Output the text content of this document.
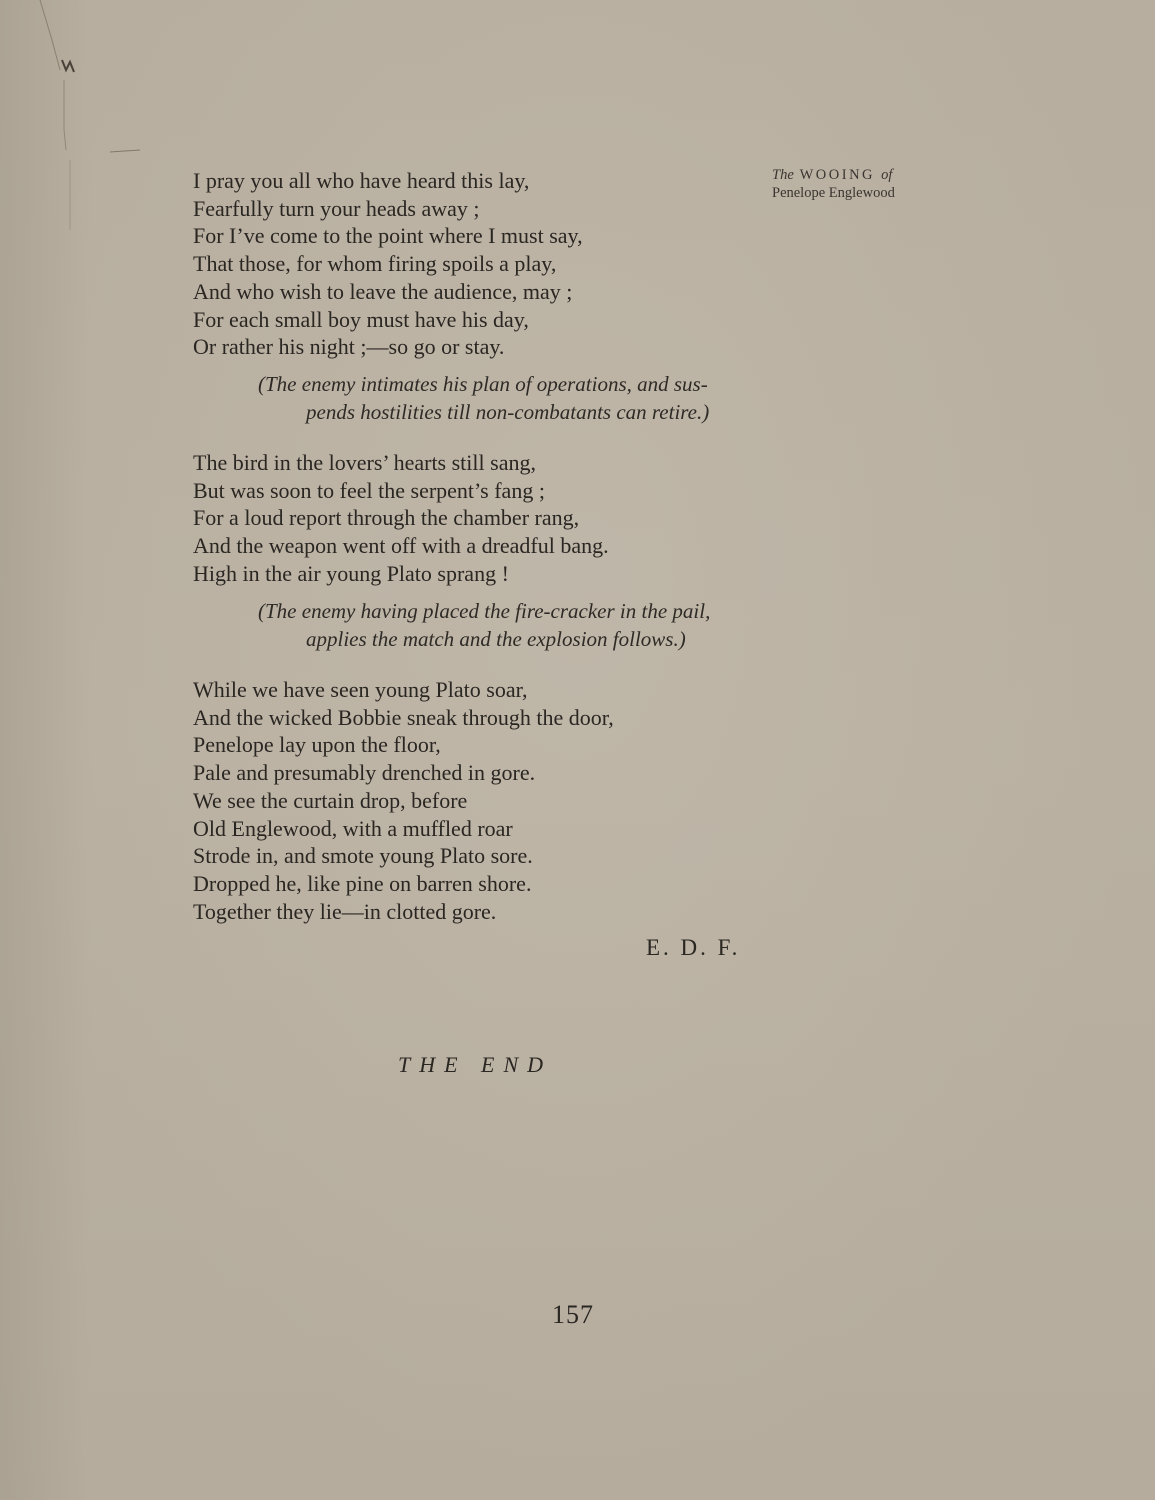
The WOOING of
Penelope Englewood
I pray you all who have heard this lay,
Fearfully turn your heads away ;
For I’ve come to the point where I must say,
That those, for whom firing spoils a play,
And who wish to leave the audience, may ;
For each small boy must have his day,
Or rather his night ;—so go or stay.
(The enemy intimates his plan of operations, and sus-
pends hostilities till non-combatants can retire.)
The bird in the lovers’ hearts still sang,
But was soon to feel the serpent’s fang ;
For a loud report through the chamber rang,
And the weapon went off with a dreadful bang.
High in the air young Plato sprang !
(The enemy having placed the fire-cracker in the pail,
applies the match and the explosion follows.)
While we have seen young Plato soar,
And the wicked Bobbie sneak through the door,
Penelope lay upon the floor,
Pale and presumably drenched in gore.
We see the curtain drop, before
Old Englewood, with a muffled roar
Strode in, and smote young Plato sore.
Dropped he, like pine on barren shore.
Together they lie—in clotted gore.
E. D. F.
THE END
157
